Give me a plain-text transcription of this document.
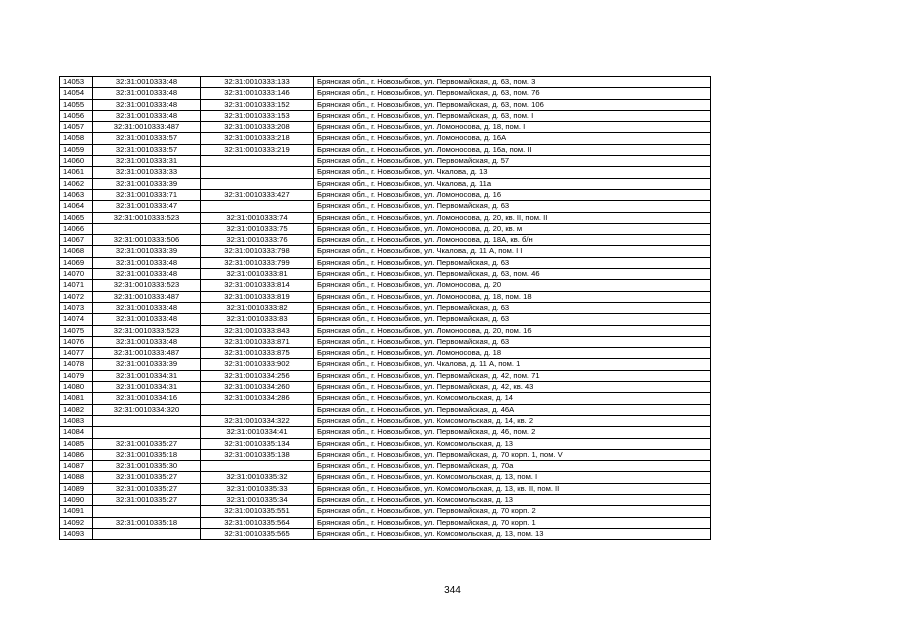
14053	32:31:0010333:48	32:31:0010333:133	Брянская обл., г. Новозыбков, ул. Первомайская, д. 63, пом. 3
14054	32:31:0010333:48	32:31:0010333:146	Брянская обл., г. Новозыбков, ул. Первомайская, д. 63, пом. 76
14055	32:31:0010333:48	32:31:0010333:152	Брянская обл., г. Новозыбков, ул. Первомайская, д. 63, пом. 106
14056	32:31:0010333:48	32:31:0010333:153	Брянская обл., г. Новозыбков, ул. Первомайская, д. 63, пом. I
14057	32:31:0010333:487	32:31:0010333:208	Брянская обл., г. Новозыбков, ул. Ломоносова, д. 18, пом. I
14058	32:31:0010333:57	32:31:0010333:218	Брянская обл., г. Новозыбков, ул. Ломоносова, д. 16А
14059	32:31:0010333:57	32:31:0010333:219	Брянская обл., г. Новозыбков, ул. Ломоносова, д. 16а, пом. II
14060	32:31:0010333:31		Брянская обл., г. Новозыбков, ул. Первомайская, д. 57
14061	32:31:0010333:33		Брянская обл., г. Новозыбков, ул. Чкалова, д. 13
14062	32:31:0010333:39		Брянская обл., г. Новозыбков, ул. Чкалова, д. 11а
14063	32:31:0010333:71	32:31:0010333:427	Брянская обл., г. Новозыбков, ул. Ломоносова, д. 16
14064	32:31:0010333:47		Брянская обл., г. Новозыбков, ул. Первомайская, д. 63
14065	32:31:0010333:523	32:31:0010333:74	Брянская обл., г. Новозыбков, ул. Ломоносова, д. 20, кв. II, пом. II
14066		32:31:0010333:75	Брянская обл., г. Новозыбков, ул. Ломоносова, д. 20, кв. м
14067	32:31:0010333:506	32:31:0010333:76	Брянская обл., г. Новозыбков, ул. Ломоносова, д. 18А, кв. б/н
14068	32:31:0010333:39	32:31:0010333:798	Брянская обл., г. Новозыбков, ул. Чкалова, д. 11 А, пом. I I
14069	32:31:0010333:48	32:31:0010333:799	Брянская обл., г. Новозыбков, ул. Первомайская, д. 63
14070	32:31:0010333:48	32:31:0010333:81	Брянская обл., г. Новозыбков, ул. Первомайская, д. 63, пом. 46
14071	32:31:0010333:523	32:31:0010333:814	Брянская обл., г. Новозыбков, ул. Ломоносова, д. 20
14072	32:31:0010333:487	32:31:0010333:819	Брянская обл., г. Новозыбков, ул. Ломоносова, д. 18, пом. 18
14073	32:31:0010333:48	32:31:0010333:82	Брянская обл., г. Новозыбков, ул. Первомайская, д. 63
14074	32:31:0010333:48	32:31:0010333:83	Брянская обл., г. Новозыбков, ул. Первомайская, д. 63
14075	32:31:0010333:523	32:31:0010333:843	Брянская обл., г. Новозыбков, ул. Ломоносова, д. 20, пом. 16
14076	32:31:0010333:48	32:31:0010333:871	Брянская обл., г. Новозыбков, ул. Первомайская, д. 63
14077	32:31:0010333:487	32:31:0010333:875	Брянская обл., г. Новозыбков, ул. Ломоносова, д. 18
14078	32:31:0010333:39	32:31:0010333:902	Брянская обл., г. Новозыбков, ул. Чкалова, д. 11 А, пом. 1
14079	32:31:0010334:31	32:31:0010334:256	Брянская обл., г. Новозыбков, ул. Первомайская, д. 42, пом. 71
14080	32:31:0010334:31	32:31:0010334:260	Брянская обл., г. Новозыбков, ул. Первомайская, д. 42, кв. 43
14081	32:31:0010334:16	32:31:0010334:286	Брянская обл., г. Новозыбков, ул. Комсомольская, д. 14
14082	32:31:0010334:320		Брянская обл., г. Новозыбков, ул. Первомайская, д. 46А
14083		32:31:0010334:322	Брянская обл., г. Новозыбков, ул. Комсомольская, д. 14, кв. 2
14084		32:31:0010334:41	Брянская обл., г. Новозыбков, ул. Первомайская, д. 46, пом. 2
14085	32:31:0010335:27	32:31:0010335:134	Брянская обл., г. Новозыбков, ул. Комсомольская, д. 13
14086	32:31:0010335:18	32:31:0010335:138	Брянская обл., г. Новозыбков, ул. Первомайская, д. 70 корп. 1, пом. V
14087	32:31:0010335:30		Брянская обл., г. Новозыбков, ул. Первомайская, д. 70а
14088	32:31:0010335:27	32:31:0010335:32	Брянская обл., г. Новозыбков, ул. Комсомольская, д. 13, пом. I
14089	32:31:0010335:27	32:31:0010335:33	Брянская обл., г. Новозыбков, ул. Комсомольская, д. 13, кв. II, пом. II
14090	32:31:0010335:27	32:31:0010335:34	Брянская обл., г. Новозыбков, ул. Комсомольская, д. 13
14091		32:31:0010335:551	Брянская обл., г. Новозыбков, ул. Первомайская, д. 70 корп. 2
14092	32:31:0010335:18	32:31:0010335:564	Брянская обл., г. Новозыбков, ул. Первомайская, д. 70 корп. 1
14093		32:31:0010335:565	Брянская обл., г. Новозыбков, ул. Комсомольская, д. 13, пом. 13
344
